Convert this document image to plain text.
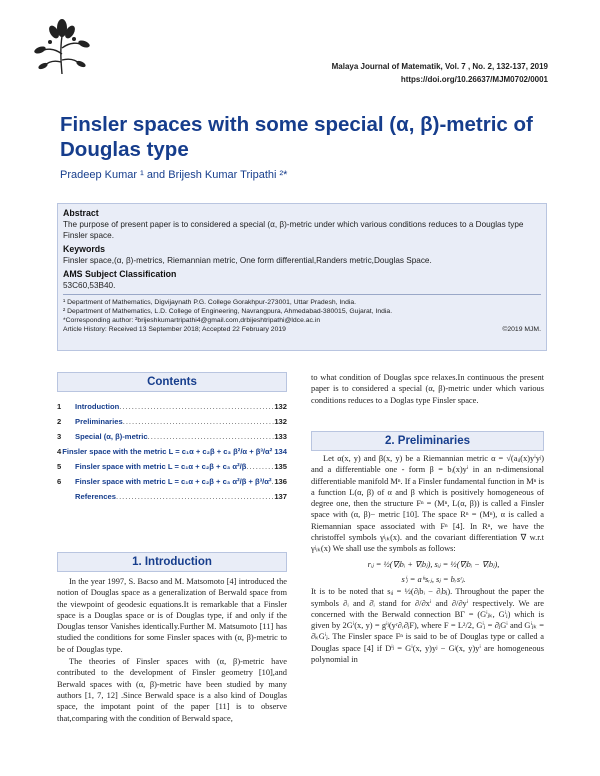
Malaya Journal of Matematik, Vol. 7 , No. 2, 132-137, 2019
https://doi.org/10.26637/MJM0702/0001
Finsler spaces with some special (α, β)-metric of Douglas type
Pradeep Kumar ¹ and Brijesh Kumar Tripathi ²*
Abstract
The purpose of present paper is to considered a special (α, β)-metric under which various conditions reduces to a Douglas type Finsler space.
Keywords
Finsler space,(α, β)-metrics, Riemannian metric, One form differential,Randers metric,Douglas Space.
AMS Subject Classification
53C60,53B40.
¹ Department of Mathematics, Digvijaynath P.G. College Gorakhpur-273001, Uttar Pradesh, India.
² Department of Mathematics, L.D. College of Engineering, Navrangpura, Ahmedabad-380015, Gujarat, India.
*Corresponding author: ²brijeshkumartripathi4@gmail.com,drbijeshtripathi@ldce.ac.in
Article History: Received 13 September 2018; Accepted 22 February 2019	©2019 MJM.
Contents
1	Introduction .....	132
2	Preliminaries .....	132
3	Special (α, β)-metric .....	133
4 Finsler space with the metric L = c₁α + c₂β + c₃ β²/α + β³/α² 134
5	Finsler space with metric L = c₁α + c₂β + c₃ α²/β .....	135
6	Finsler space with metric L = c₁α + c₂β + c₃ α²/β + β³/α² ..... 136
References .....	137
1. Introduction

In the year 1997, S. Bacso and M. Matsomoto [4] introduced the notion of Douglas space as a generalization of Berwald space from the viewpoint of geodesic equations.It is remarkable that a Finsler space is a Douglas space or is of Douglas type, if and only if the Douglas tensor Vanishes identically.Further M. Matsumoto [11] has studied the conditions for some Finsler spaces with (α, β)-metric to be of Douglas type.

The theories of Finsler spaces with (α, β)-metric have contributed to the development of Finsler geometry [10],and Berwald spaces with (α, β)-metric have been studied by many authors [1, 7, 12] .Since Berwald space is a also kind of Douglas space, the impotant point of the paper [11] is to observe that,comparing with the condition of Berwald space,

to what condition of Douglas spce relaxes.In continuous the present paper is to considered a special (α, β)-metric under which various conditions reduces to a Doglas type Finsler space.

2. Preliminaries

Let α(x, y) and β(x, y) be a Riemannian metric α = √(aᵢⱼ(x)yⁱyʲ) and a differentiable one - form β = bᵢ(x)yⁱ in an n-dimensional differentiable manifold Mⁿ. If a Finsler fundamental function in Mⁿ is a function L(α, β) of α and β which is positively homogeneous of degree one, then the structure Fⁿ = (Mⁿ, L(α, β)) is called a Finsler space with (α, β)− metric [10]. The space Rⁿ = (Mⁿ), α is called a Riemannian space associated with Fⁿ [4]. In Rⁿ, we have the christoffel symbols γʲᵢₖ(x). and the covariant differentiation ∇ w.r.t γʲᵢₖ(x) We shall use the symbols as follows:

rᵢⱼ = ½(∇ⱼbᵢ + ∇ᵢbⱼ), sᵢⱼ = ½(∇ⱼbᵢ − ∇ᵢbⱼ),

sⁱⱼ = aⁱʳsᵣⱼ, sⱼ = bᵣsʳⱼ.

It is to be noted that sᵢⱼ = ½(∂ⱼbᵢ − ∂ᵢbⱼ). Throughout the paper the symbols ∂ᵢ and ∂̇ᵢ stand for ∂/∂xⁱ and ∂/∂yⁱ respectively. We are concerned with the Berwald connection BΓ = (Gⁱⱼₖ, Gⁱⱼ) which is given by 2Gⁱ(x, y) = gⁱʲ(yʳ∂ᵣ∂̇ⱼF), where F = L²/2, Gⁱⱼ = ∂̇ⱼGⁱ and Gⁱⱼₖ = ∂̇ₖGⁱⱼ. The Finsler space Fⁿ is said to be of Douglas type or called a Douglas space [4] if Dⁱʲ = Gⁱ(x, y)yʲ − Gʲ(x, y)yⁱ are homogeneous polynomial in
